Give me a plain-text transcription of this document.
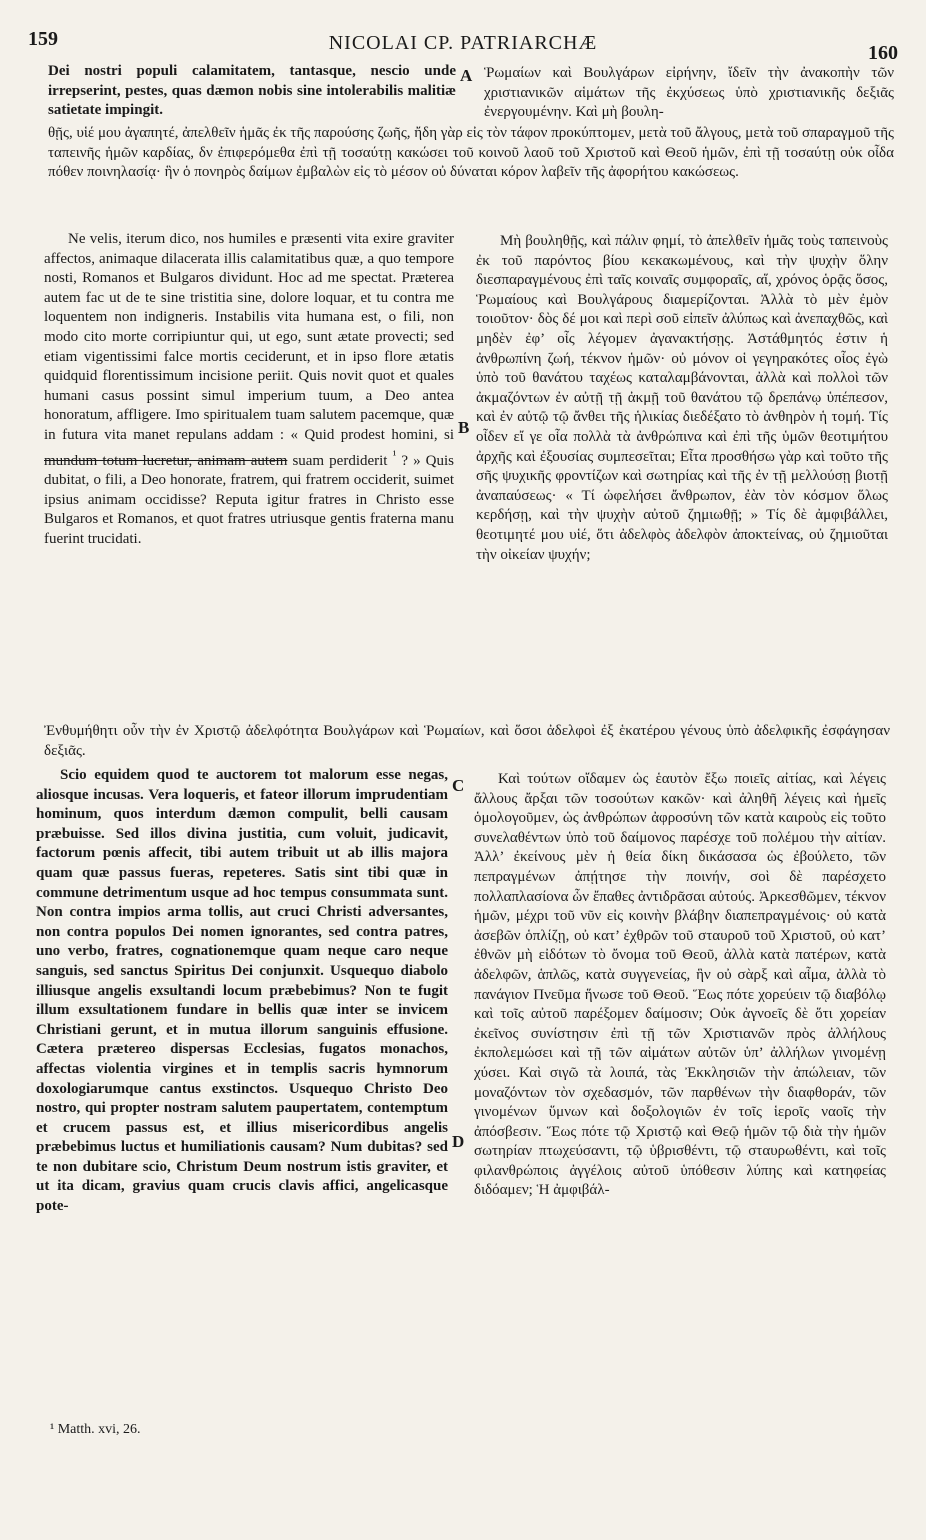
159	NICOLAI CP. PATRIARCHÆ	160

Dei nostri populi calamitatem, tantasque, nescio unde irrepserint, pestes, quas dæmon nobis sine intolerabilis malitiæ satietate impingit.

A Ῥωμαίων καὶ Βουλγάρων εἰρήνην, ἴδεῖν τὴν ἀνακοπὴν τῶν χριστιανικῶν αἱμάτων τῆς ἐκχύσεως ὑπὸ χριστιανικῆς δεξιᾶς ἐνεργουμένην. Καὶ μὴ βουλη-

θῇς, υἱέ μου ἀγαπητέ, ἀπελθεῖν ἡμᾶς ἐκ τῆς παρούσης ζωῆς, ἤδη γὰρ εἰς τὸν τάφον προκύπτομεν, μετὰ τοῦ ἄλγους, μετὰ τοῦ σπαραγμοῦ τῆς ταπεινῆς ἡμῶν καρδίας, δν ἐπιφερόμεθα ἐπὶ τῇ τοσαύτῃ κακώσει τοῦ κοινοῦ λαοῦ τοῦ Χριστοῦ καὶ Θεοῦ ἡμῶν, ἐπὶ τῇ τοσαύτῃ οὐκ οἶδα πόθεν ποινηλασίᾳ· ἣν ὁ πονηρὸς δαίμων ἐμβαλὼν εἰς τὸ μέσον οὐ δύναται κόρον λαβεῖν τῆς ἀφορήτου κακώσεως.

Ne velis, iterum dico, nos humiles e præsenti vita exire graviter affectos, animaque dilacerata illis calamitatibus quæ, a quo tempore nosti, Romanos et Bulgaros dividunt. Hoc ad me spectat. Præterea autem fac ut de te sine tristitia sine, dolore loquar, et tu contra me loquentem non indigneris. Instabilis vita humana est, o fili, non modo cito morte corripiuntur qui, ut ego, sunt ætate provecti; sed etiam vigentissimi falce mortis ceciderunt, et in ipso flore ætatis quidquid florentissimum incisione periit. Quis novit quot et quales humani casus possint simul imperium tuum, a Deo antea honoratum, affligere. Imo spiritualem tuam salutem pacemque, quæ in futura vita manet repulans addam : « Quid prodest homini, si mundum totum lucretur, animam autem suam perdiderit $^{^1}$ ? » Quis dubitat, o fili, a Deo honorate, fratrem, qui fratrem occiderit, suimet ipsius animam occidisse? Reputa igitur fratres in Christo esse Bulgaros et Romanos, et quot fratres utriusque gentis fraterna manu fuerint trucidati.

B

Μὴ βουληθῇς, καὶ πάλιν φημί, τὸ ἀπελθεῖν ἡμᾶς τοὺς ταπεινοὺς ἐκ τοῦ παρόντος βίου κεκακωμένους, καὶ τὴν ψυχὴν ὅλην διεσπαραγμένους ἐπὶ ταῖς κοιναῖς συμφοραῖς, αἵ, χρόνος ὁρᾷς ὅσος, Ῥωμαίους καὶ Βουλγάρους διαμερίζονται. Ἀλλὰ τὸ μὲν ἐμὸν τοιοῦτον· δὸς δέ μοι καὶ περὶ σοῦ εἰπεῖν ἀλύπως καὶ ἀνεπαχθῶς, καὶ μηδὲν ἐφ’ οἷς λέγομεν ἀγανακτήσῃς. Ἀστάθμητός ἐστιν ἡ ἀνθρωπίνη ζωή, τέκνον ἡμῶν· οὐ μόνον οἱ γεγηρακότες οἷος ἐγὼ ὑπὸ τοῦ θανάτου ταχέως καταλαμβάνονται, ἀλλὰ καὶ πολλοὶ τῶν ἀκμαζόντων ἐν αὐτῇ τῇ ἀκμῇ τοῦ θανάτου τῷ δρεπάνῳ ὑπέπεσον, καὶ ἐν αὐτῷ τῷ ἄνθει τῆς ἡλικίας διεδέξατο τὸ ἀνθηρὸν ἡ τομή. Τίς οἶδεν εἴ γε οἷα πολλὰ τὰ ἀνθρώπινα καὶ ἐπὶ τῆς ὑμῶν θεοτιμήτου ἀρχῆς καὶ ἐξουσίας συμπεσεῖται; Εἶτα προσθήσω γὰρ καὶ τοῦτο τῆς σῆς ψυχικῆς φροντίζων καὶ σωτηρίας καὶ τῆς ἐν τῇ μελλούσῃ βιοτῇ ἀναπαύσεως· « Τί ὠφελήσει ἄνθρωπον, ἐὰν τὸν κόσμον ὅλως κερδήσῃ, καὶ τὴν ψυχὴν αὐτοῦ ζημιωθῇ; » Τίς δὲ ἀμφιβάλλει, θεοτιμητέ μου υἱέ, ὅτι ἀδελφὸς ἀδελφὸν ἀποκτείνας, οὐ ζημιοῦται τὴν οἰκείαν ψυχήν;

Ἐνθυμήθητι οὖν τὴν ἐν Χριστῷ ἀδελφότητα Βουλγάρων καὶ Ῥωμαίων, καὶ ὅσοι ἀδελφοὶ ἐξ ἑκατέρου γένους ὑπὸ ἀδελφικῆς ἐσφάγησαν δεξιᾶς.

Scio equidem quod te auctorem tot malorum esse negas, aliosque incusas. Vera loqueris, et fateor illorum imprudentiam hominum, quos interdum dæmon compulit, belli causam præbuisse. Sed illos divina justitia, cum voluit, judicavit, factorum pœnis affecit, tibi autem tribuit ut ab illis majora quam quæ passus fueras, repeteres. Satis sint tibi quæ in commune detrimentum usque ad hoc tempus consummata sunt. Non contra impios arma tollis, aut cruci Christi adversantes, non contra populos Dei nomen ignorantes, sed contra patres, uno verbo, fratres, cognationemque quam neque caro neque sanguis, sed sanctus Spiritus Dei conjunxit. Usquequo diabolo illiusque angelis exsultandi locum præbebimus? Non te fugit illum exsultationem fundare in bellis quæ inter se invicem Christiani gerunt, et in mutua illorum sanguinis effusione. Cætera prætereo dispersas Ecclesias, fugatos monachos, affectas violentia virgines et in templis sacris hymnorum doxologiarumque cantus exstinctos. Usquequo Christo Deo nostro, qui propter nostram salutem paupertatem, contemptum et crucem passus est, et illius misericordibus angelis præbebimus luctus et humiliationis causam? Num dubitas? sed te non dubitare scio, Christum Deum nostrum istis graviter, et ut ita dicam, gravius quam crucis clavis affici, angelicasque pote-

C
D

Καὶ τούτων οἴδαμεν ὡς ἑαυτὸν ἔξω ποιεῖς αἰτίας, καὶ λέγεις ἄλλους ἄρξαι τῶν τοσούτων κακῶν· καὶ ἀληθῆ λέγεις καὶ ἡμεῖς ὁμολογοῦμεν, ὡς ἀνθρώπων ἀφροσύνη τῶν κατὰ καιροὺς εἰς τοῦτο συνελαθέντων ὑπὸ τοῦ δαίμονος παρέσχε τοῦ πολέμου τὴν αἰτίαν. Ἀλλ’ ἐκείνους μὲν ἡ θεία δίκη δικάσασα ὡς ἐβούλετο, τῶν πεπραγμένων ἀπῄτησε τὴν ποινήν, σοὶ δὲ παρέσχετο πολλαπλασίονα ὧν ἔπαθες ἀντιδρᾶσαι αὐτούς. Ἀρκεσθῶμεν, τέκνον ἡμῶν, μέχρι τοῦ νῦν εἰς κοινὴν βλάβην διαπεπραγμένοις· οὐ κατὰ ἀσεβῶν ὁπλίζῃ, οὐ κατ’ ἐχθρῶν τοῦ σταυροῦ τοῦ Χριστοῦ, οὐ κατ’ ἐθνῶν μὴ εἰδότων τὸ ὄνομα τοῦ Θεοῦ, ἀλλὰ κατὰ πατέρων, κατὰ ἀδελφῶν, ἁπλῶς, κατὰ συγγενείας, ἣν οὐ σὰρξ καὶ αἷμα, ἀλλὰ τὸ πανάγιον Πνεῦμα ἥνωσε τοῦ Θεοῦ. Ἕως πότε χορεύειν τῷ διαβόλῳ καὶ τοῖς αὐτοῦ παρέξομεν δαίμοσιν; Οὐκ ἀγνοεῖς δὲ ὅτι χορείαν ἐκεῖνος συνίστησιν ἐπὶ τῇ τῶν Χριστιανῶν πρὸς ἀλλήλους ἐκπολεμώσει καὶ τῇ τῶν αἱμάτων αὐτῶν ὑπ’ ἀλλήλων γινομένῃ χύσει. Καὶ σιγῶ τὰ λοιπά, τὰς Ἐκκλησιῶν τὴν ἀπώλειαν, τῶν μοναζόντων τὸν σχεδασμόν, τῶν παρθένων τὴν διαφθοράν, τῶν γινομένων ὕμνων καὶ δοξολογιῶν ἐν τοῖς ἱεροῖς ναοῖς τὴν ἀπόσβεσιν. Ἕως πότε τῷ Χριστῷ καὶ Θεῷ ἡμῶν τῷ διὰ τὴν ἡμῶν σωτηρίαν πτωχεύσαντι, τῷ ὑβρισθέντι, τῷ σταυρωθέντι, καὶ τοῖς φιλανθρώποις ἀγγέλοις αὐτοῦ ὑπόθεσιν λύπης καὶ κατηφείας διδόαμεν; Ἡ ἀμφιβάλ-

¹ Matth. xvi, 26.
